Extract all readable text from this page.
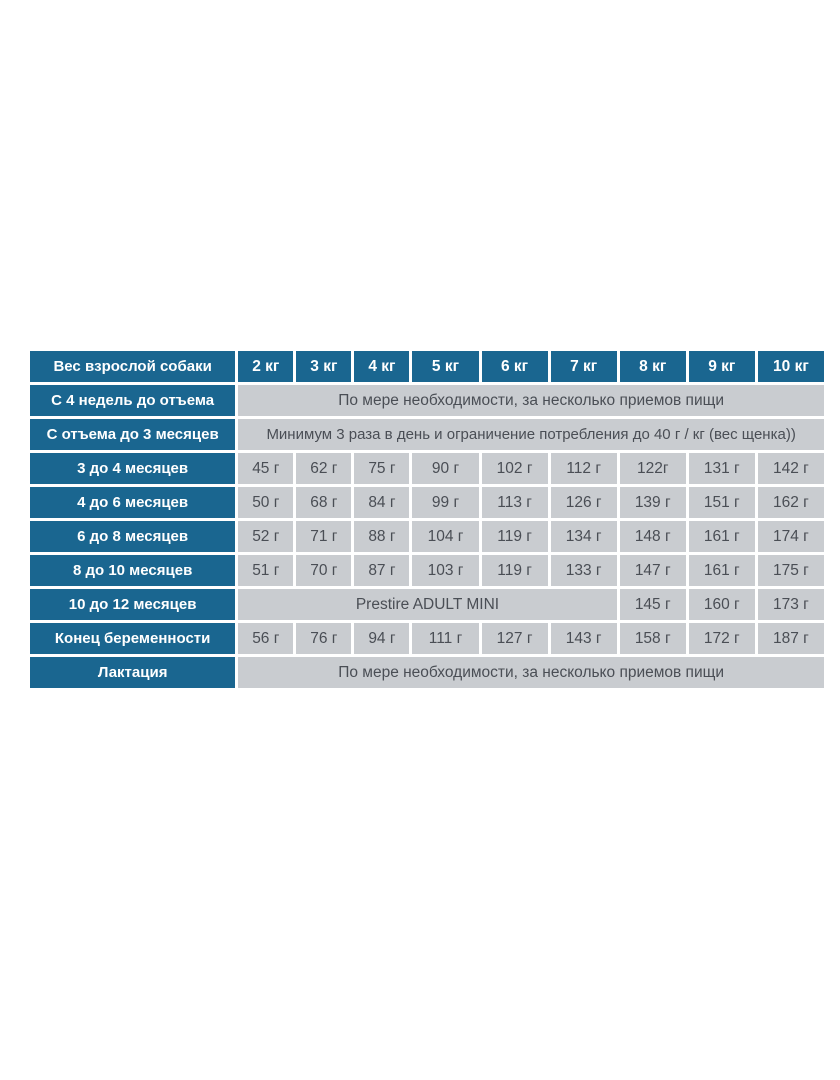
Вес взрослой собаки	2 кг	3 кг	4 кг	5 кг	6 кг	7 кг	8 кг	9 кг	10 кг
С 4 недель до отъема	По мере необходимости, за несколько приемов пищи								
С отъема до 3 месяцев	Минимум 3 раза в день и ограничение потребления до 40 г / кг (вес щенка))								
3 до 4 месяцев	45 г	62 г	75 г	90 г	102 г	112 г	122г	131 г	142 г
4 до 6 месяцев	50 г	68 г	84 г	99 г	113 г	126 г	139 г	151 г	162 г
6 до 8 месяцев	52 г	71 г	88 г	104 г	119 г	134 г	148 г	161 г	174 г
8 до 10 месяцев	51 г	70 г	87 г	103 г	119 г	133 г	147 г	161 г	175 г
10 до 12 месяцев	Prestire ADULT MINI						145 г	160 г	173 г
Конец беременности	56 г	76 г	94 г	111 г	127 г	143 г	158 г	172 г	187 г
Лактация	По мере необходимости, за несколько приемов пищи								
